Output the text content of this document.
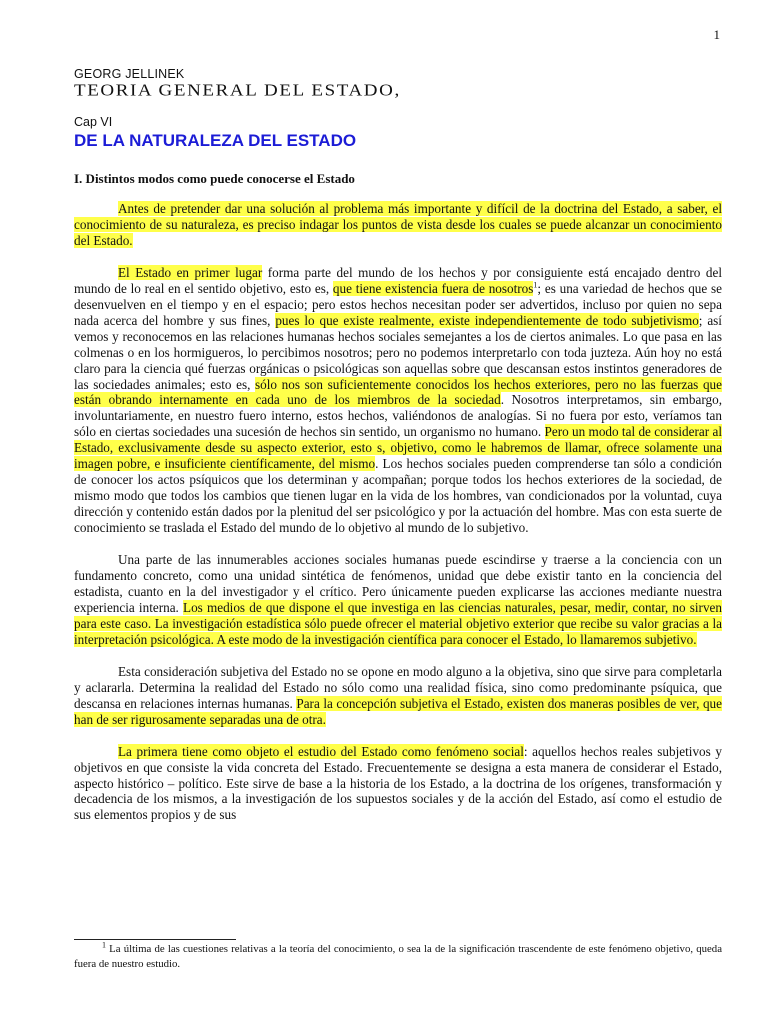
1
GEORG JELLINEK
TEORIA GENERAL DEL ESTADO,
Cap VI
DE LA NATURALEZA DEL ESTADO
I. Distintos modos como puede conocerse el Estado

Antes de pretender dar una solución al problema más importante y difícil de la doctrina del Estado, a saber, el conocimiento de su naturaleza, es preciso indagar los puntos de vista desde los cuales se puede alcanzar un conocimiento del Estado.

El Estado en primer lugar forma parte del mundo de los hechos y por consiguiente está encajado dentro del mundo de lo real en el sentido objetivo, esto es, que tiene existencia fuera de nosotros$^1$; es una variedad de hechos que se desenvuelven en el tiempo y en el espacio; pero estos hechos necesitan poder ser advertidos, incluso por quien no sepa nada acerca del hombre y sus fines, pues lo que existe realmente, existe independientemente de todo subjetivismo; así vemos y reconocemos en las relaciones humanas hechos sociales semejantes a los de ciertos animales. Lo que pasa en las colmenas o en los hormigueros, lo percibimos nosotros; pero no podemos interpretarlo con toda juzteza. Aún hoy no está claro para la ciencia qué fuerzas orgánicas o psicológicas son aquellas sobre que descansan estos instintos generadores de las sociedades animales; esto es, sólo nos son suficientemente conocidos los hechos exteriores, pero no las fuerzas que están obrando internamente en cada uno de los miembros de la sociedad. Nosotros interpretamos, sin embargo, involuntariamente, en nuestro fuero interno, estos hechos, valiéndonos de analogías. Si no fuera por esto, veríamos tan sólo en ciertas sociedades una sucesión de hechos sin sentido, un organismo no humano. Pero un modo tal de considerar al Estado, exclusivamente desde su aspecto exterior, esto s, objetivo, como le habremos de llamar, ofrece solamente una imagen pobre, e insuficiente científicamente, del mismo. Los hechos sociales pueden comprenderse tan sólo a condición de conocer los actos psíquicos que los determinan y acompañan; porque todos los hechos exteriores de la sociedad, de mismo modo que todos los cambios que tienen lugar en la vida de los hombres, van condicionados por la voluntad, cuya dirección y contenido están dados por la plenitud del ser psicológico y por la actuación del hombre. Mas con esta suerte de conocimiento se traslada el Estado del mundo de lo objetivo al mundo de lo subjetivo.

Una parte de las innumerables acciones sociales humanas puede escindirse y traerse a la conciencia con un fundamento concreto, como una unidad sintética de fenómenos, unidad que debe existir tanto en la conciencia del estadista, cuanto en la del investigador y el crítico. Pero únicamente pueden explicarse las acciones mediante nuestra experiencia interna. Los medios de que dispone el que investiga en las ciencias naturales, pesar, medir, contar, no sirven para este caso. La investigación estadística sólo puede ofrecer el material objetivo exterior que recibe su valor gracias a la interpretación psicológica. A este modo de la investigación científica para conocer el Estado, lo llamaremos subjetivo.

Esta consideración subjetiva del Estado no se opone en modo alguno a la objetiva, sino que sirve para completarla y aclararla. Determina la realidad del Estado no sólo como una realidad física, sino como predominante psíquica, que descansa en relaciones internas humanas. Para la concepción subjetiva el Estado, existen dos maneras posibles de ver, que han de ser rigurosamente separadas una de otra.

La primera tiene como objeto el estudio del Estado como fenómeno social: aquellos hechos reales subjetivos y objetivos en que consiste la vida concreta del Estado. Frecuentemente se designa a esta manera de considerar el Estado, aspecto histórico – político. Este sirve de base a la historia de los Estado, a la doctrina de los orígenes, transformación y decadencia de los mismos, a la investigación de los supuestos sociales y de la acción del Estado, así como el estudio de sus elementos propios y de sus

$^1$ La última de las cuestiones relativas a la teoría del conocimiento, o sea la de la significación trascendente de este fenómeno objetivo, queda fuera de nuestro estudio.
